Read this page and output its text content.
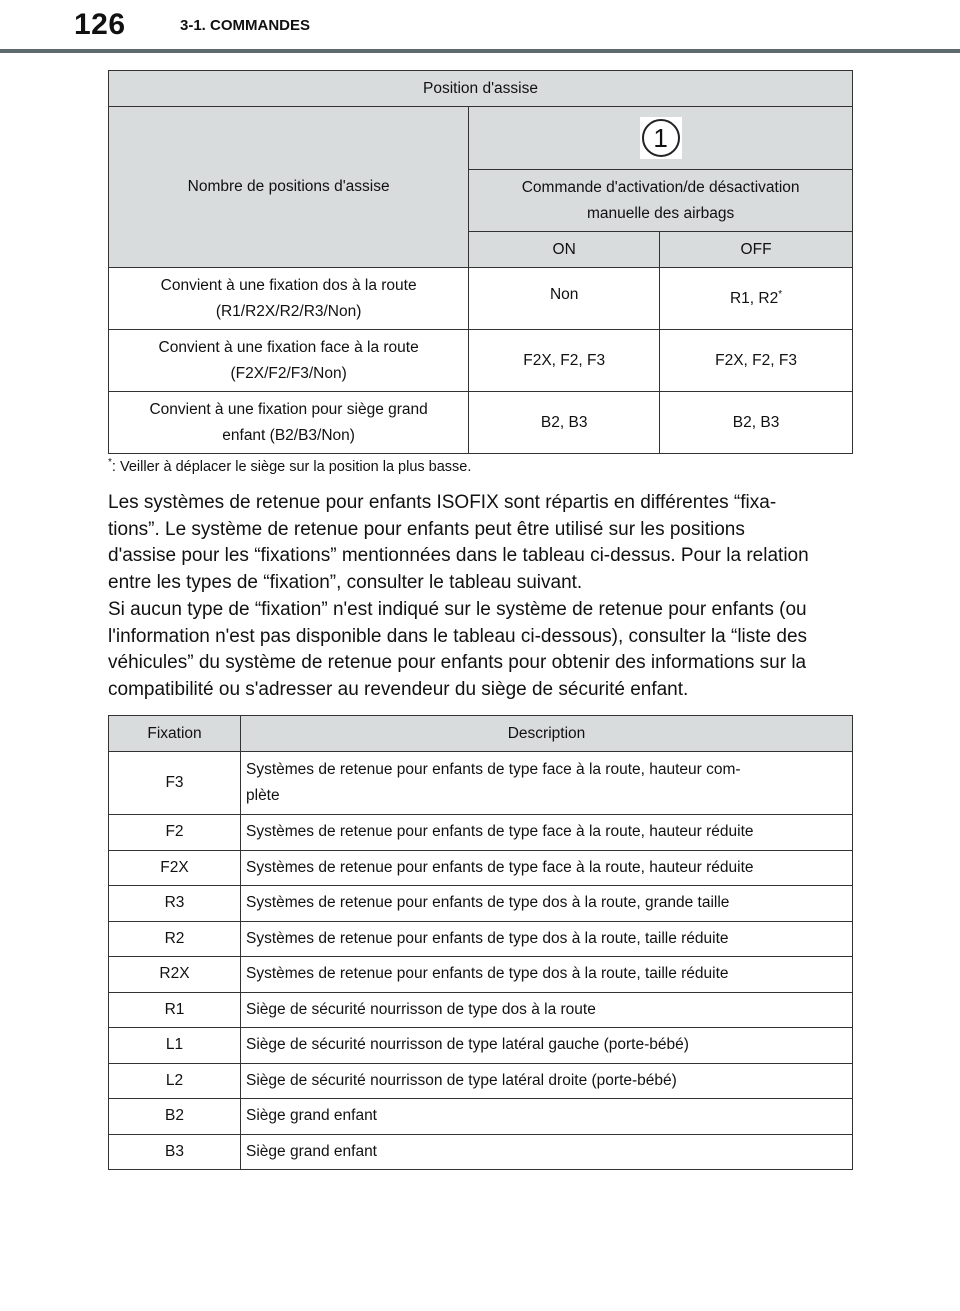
126	3-1. COMMANDES
Position d'assise		
Nombre de positions d'assise	1	

	Commande d'activation/de désactivation
manuelle des airbags	

	ON	OFF

Convient à une fixation dos à la route
(R1/R2X/R2/R3/Non)	Non	R1, R2*

Convient à une fixation face à la route
(F2X/F2/F3/Non)	F2X, F2, F3	F2X, F2, F3

Convient à une fixation pour siège grand
enfant (B2/B3/Non)	B2, B3	B2, B3
*: Veiller à déplacer le siège sur la position la plus basse.

Les systèmes de retenue pour enfants ISOFIX sont répartis en différentes “fixa-

tions”. Le système de retenue pour enfants peut être utilisé sur les positions

d'assise pour les “fixations” mentionnées dans le tableau ci-dessus. Pour la relation

entre les types de “fixation”, consulter le tableau suivant.

Si aucun type de “fixation” n'est indiqué sur le système de retenue pour enfants (ou

l'information n'est pas disponible dans le tableau ci-dessous), consulter la “liste des

véhicules” du système de retenue pour enfants pour obtenir des informations sur la

compatibilité ou s'adresser au revendeur du siège de sécurité enfant.

Fixation	Description
F3	Systèmes de retenue pour enfants de type face à la route, hauteur com-
plète

F2	Systèmes de retenue pour enfants de type face à la route, hauteur réduite
F2X	Systèmes de retenue pour enfants de type face à la route, hauteur réduite
R3	Systèmes de retenue pour enfants de type dos à la route, grande taille
R2	Systèmes de retenue pour enfants de type dos à la route, taille réduite
R2X	Systèmes de retenue pour enfants de type dos à la route, taille réduite
R1	Siège de sécurité nourrisson de type dos à la route
L1	Siège de sécurité nourrisson de type latéral gauche (porte-bébé)
L2	Siège de sécurité nourrisson de type latéral droite (porte-bébé)
B2	Siège grand enfant
B3	Siège grand enfant
